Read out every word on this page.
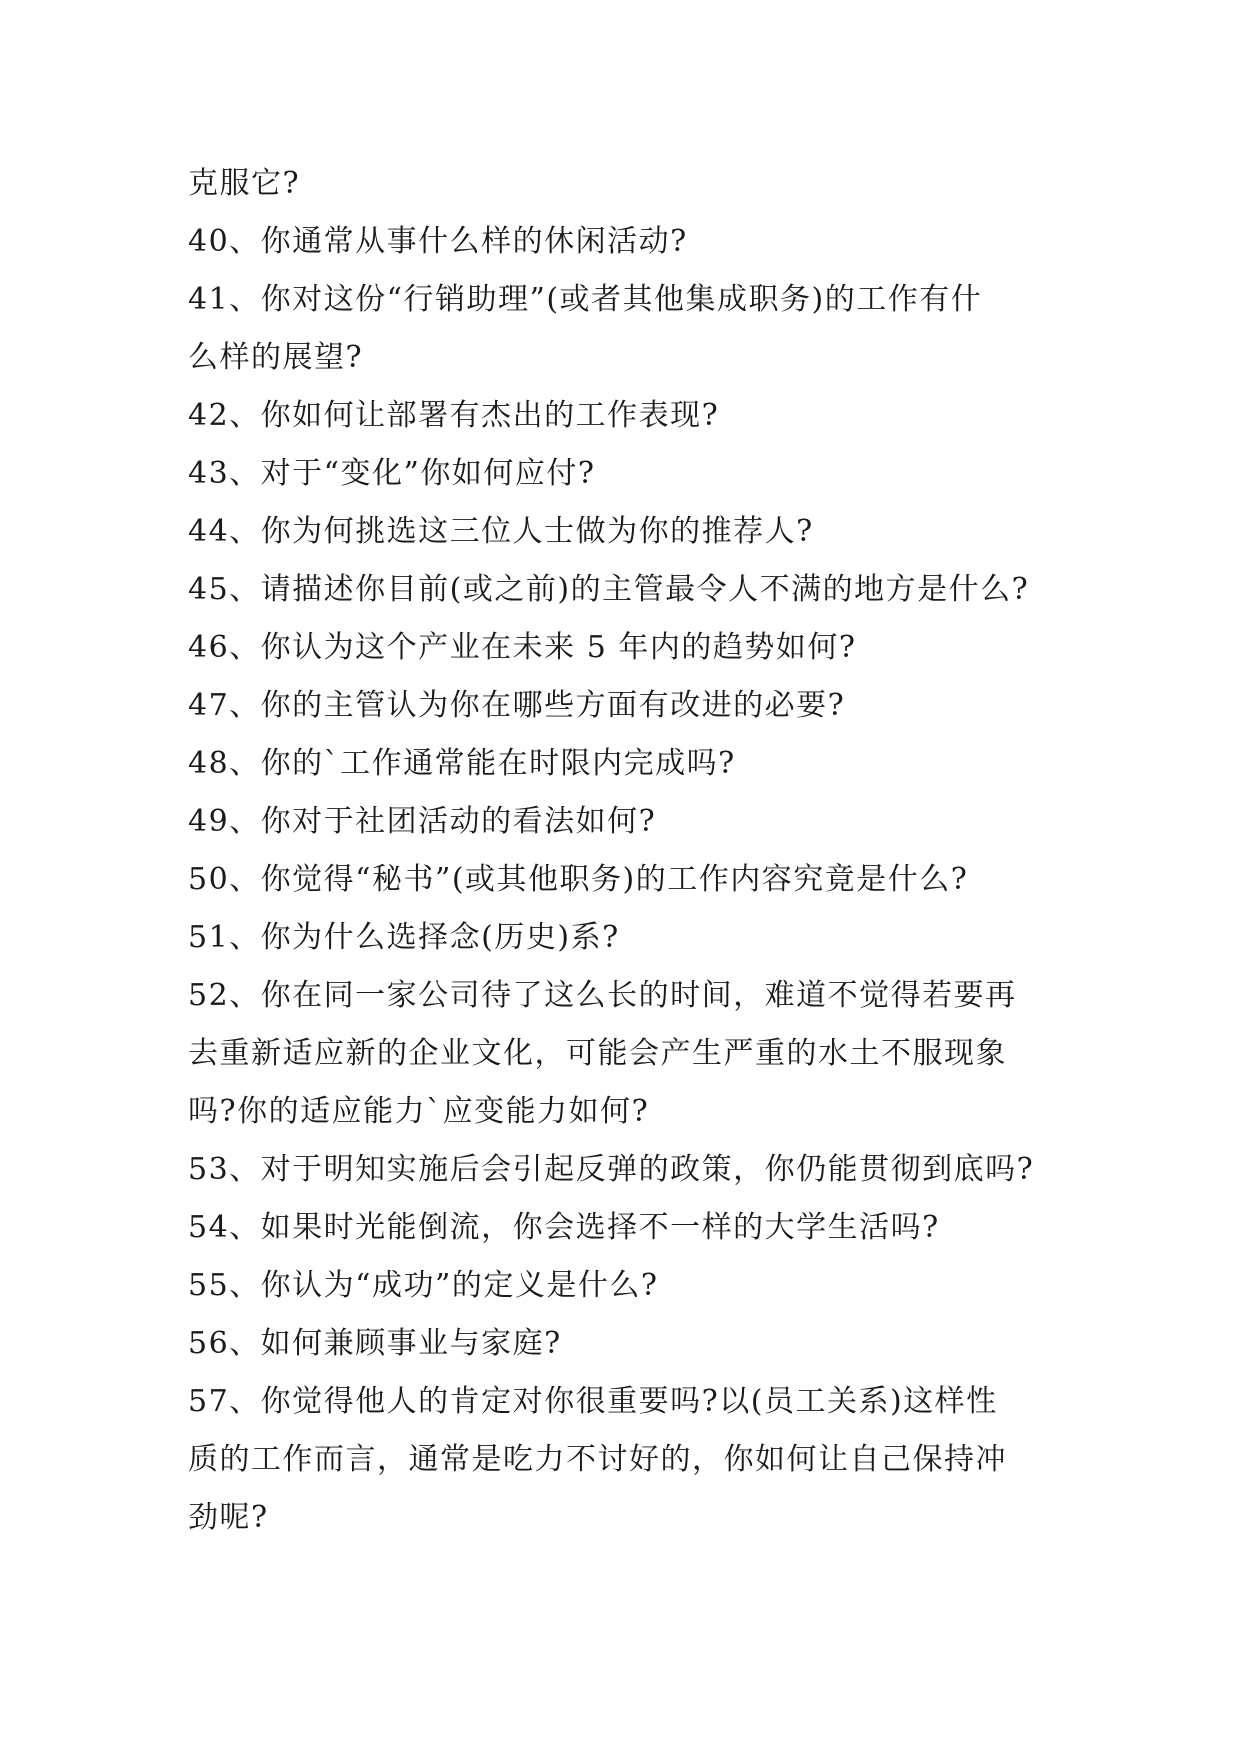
克服它?
40、你通常从事什么样的休闲活动?
41、你对这份“行销助理”(或者其他集成职务)的工作有什
么样的展望?
42、你如何让部署有杰出的工作表现?
43、对于“变化”你如何应付?
44、你为何挑选这三位人士做为你的推荐人?
45、请描述你目前(或之前)的主管最令人不满的地方是什么?
46、你认为这个产业在未来 5 年内的趋势如何?
47、你的主管认为你在哪些方面有改进的必要?
48、你的`工作通常能在时限内完成吗?
49、你对于社团活动的看法如何?
50、你觉得“秘书”(或其他职务)的工作内容究竟是什么?
51、你为什么选择念(历史)系?
52、你在同一家公司待了这么长的时间，难道不觉得若要再
去重新适应新的企业文化，可能会产生严重的水土不服现象
吗?你的适应能力`应变能力如何?
53、对于明知实施后会引起反弹的政策，你仍能贯彻到底吗?
54、如果时光能倒流，你会选择不一样的大学生活吗?
55、你认为“成功”的定义是什么?
56、如何兼顾事业与家庭?
57、你觉得他人的肯定对你很重要吗?以(员工关系)这样性
质的工作而言，通常是吃力不讨好的，你如何让自己保持冲
劲呢?
